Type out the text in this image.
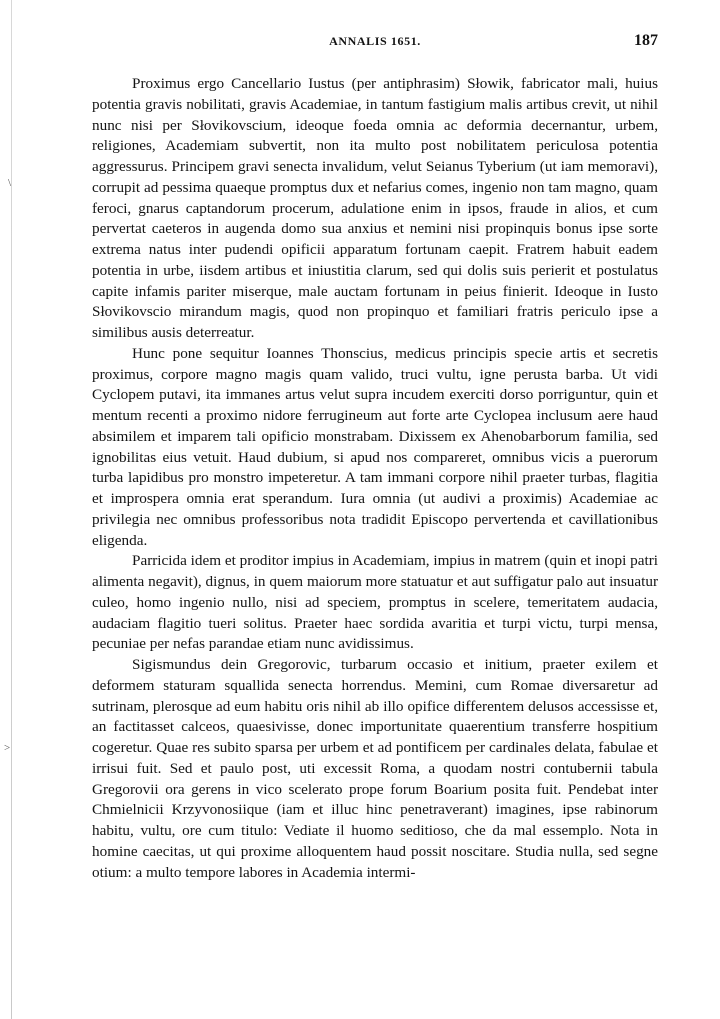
\
>
ANNALIS 1651.	187

Proximus ergo Cancellario Iustus (per antiphrasim) Słowik, fabricator mali, huius potentia gravis nobilitati, gravis Academiae, in tantum fastigium malis artibus crevit, ut nihil nunc nisi per Słovikovscium, ideoque foeda omnia ac deformia decernantur, urbem, religiones, Academiam subvertit, non ita multo post nobilitatem periculosa potentia aggressurus. Principem gravi senecta invalidum, velut Seianus Tyberium (ut iam memoravi), corrupit ad pessima quaeque promptus dux et nefarius comes, ingenio non tam magno, quam feroci, gnarus captandorum procerum, adulatione enim in ipsos, fraude in alios, et cum pervertat caeteros in augenda domo sua anxius et nemini nisi propinquis bonus ipse sorte extrema natus inter pudendi opificii apparatum fortunam caepit. Fratrem habuit eadem potentia in urbe, iisdem artibus et iniustitia clarum, sed qui dolis suis perierit et postulatus capite infamis pariter miserque, male auctam fortunam in peius finierit. Ideoque in Iusto Słovikovscio mirandum magis, quod non propinquo et familiari fratris periculo ipse a similibus ausis deterreatur.

Hunc pone sequitur Ioannes Thonscius, medicus principis specie artis et secretis proximus, corpore magno magis quam valido, truci vultu, igne perusta barba. Ut vidi Cyclopem putavi, ita immanes artus velut supra incudem exerciti dorso porriguntur, quin et mentum recenti a proximo nidore ferrugineum aut forte arte Cyclopea inclusum aere haud absimilem et imparem tali opificio monstrabam. Dixissem ex Ahenobarborum familia, sed ignobilitas eius vetuit. Haud dubium, si apud nos compareret, omnibus vicis a puerorum turba lapidibus pro monstro impeteretur. A tam immani corpore nihil praeter turbas, flagitia et improspera omnia erat sperandum. Iura omnia (ut audivi a proximis) Academiae ac privilegia nec omnibus professoribus nota tradidit Episcopo pervertenda et cavillationibus eligenda.

Parricida idem et proditor impius in Academiam, impius in matrem (quin et inopi patri alimenta negavit), dignus, in quem maiorum more statuatur et aut suffigatur palo aut insuatur culeo, homo ingenio nullo, nisi ad speciem, promptus in scelere, temeritatem audacia, audaciam flagitio tueri solitus. Praeter haec sordida avaritia et turpi victu, turpi mensa, pecuniae per nefas parandae etiam nunc avidissimus.

Sigismundus dein Gregorovic, turbarum occasio et initium, praeter exilem et deformem staturam squallida senecta horrendus. Memini, cum Romae diversaretur ad sutrinam, plerosque ad eum habitu oris nihil ab illo opifice differentem delusos accessisse et, an factitasset calceos, quaesivisse, donec importunitate quaerentium transferre hospitium cogeretur. Quae res subito sparsa per urbem et ad pontificem per cardinales delata, fabulae et irrisui fuit. Sed et paulo post, uti excessit Roma, a quodam nostri contubernii tabula Gregorovii ora gerens in vico scelerato prope forum Boarium posita fuit. Pendebat inter Chmielnicii Krzyvonosiique (iam et illuc hinc penetraverant) imagines, ipse rabinorum habitu, vultu, ore cum titulo: Vediate il huomo seditioso, che da mal essemplo. Nota in homine caecitas, ut qui proxime alloquentem haud possit noscitare. Studia nulla, sed segne otium: a multo tempore labores in Academia intermi-
